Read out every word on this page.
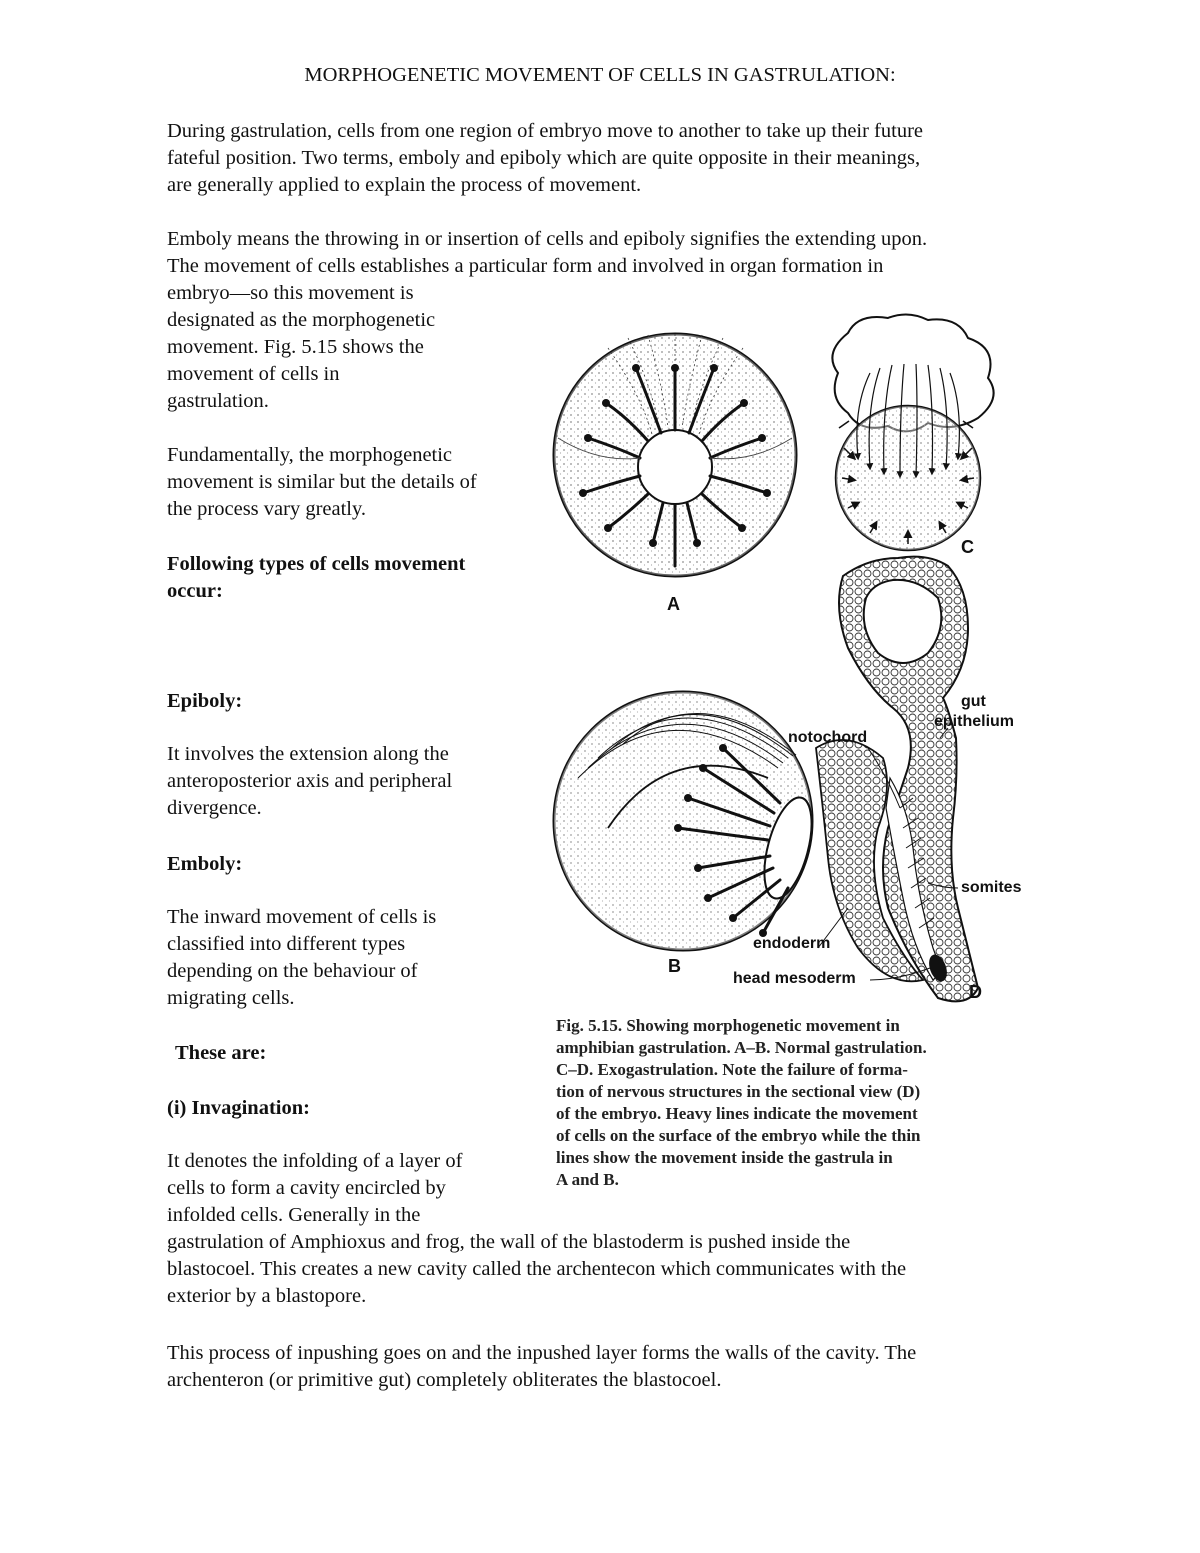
MORPHOGENETIC MOVEMENT OF CELLS IN GASTRULATION:

During gastrulation, cells from one region of embryo move to another to take up their future

fateful position. Two terms, emboly and epiboly which are quite opposite in their meanings,

are generally applied to explain the process of movement.

Emboly means the throwing in or insertion of cells and epiboly signifies the extending upon.

The movement of cells establishes a particular form and involved in organ formation in

embryo—so this movement is

designated as the morphogenetic

movement. Fig. 5.15 shows the

movement of cells in

gastrulation.

Fundamentally, the morphogenetic

movement is similar but the details of

the process vary greatly.

Following types of cells movement

occur:

Epiboly:

It involves the extension along the

anteroposterior axis and peripheral

divergence.

Emboly:

The inward movement of cells is

classified into different types

depending on the behaviour of

migrating cells.

These are:

(i) Invagination:

It denotes the infolding of a layer of

cells to form a cavity encircled by

infolded cells. Generally in the

gastrulation of Amphioxus and frog, the wall of the blastoderm is pushed inside the

blastocoel. This creates a new cavity called the archentecon which communicates with the

exterior by a blastopore.

This process of inpushing goes on and the inpushed layer forms the walls of the cavity. The

archenteron (or primitive gut) completely obliterates the blastocoel.

A
C
B
gut
epithelium
notochord
somites
endoderm
head mesoderm
D
Fig. 5.15. Showing morphogenetic movement in
amphibian gastrulation. A–B. Normal gastrulation.
C–D. Exogastrulation. Note the failure of forma-
tion of nervous structures in the sectional view (D)
of the embryo. Heavy lines indicate the movement
of cells on the surface of the embryo while the thin
lines show the movement inside the gastrula in
A and B.
